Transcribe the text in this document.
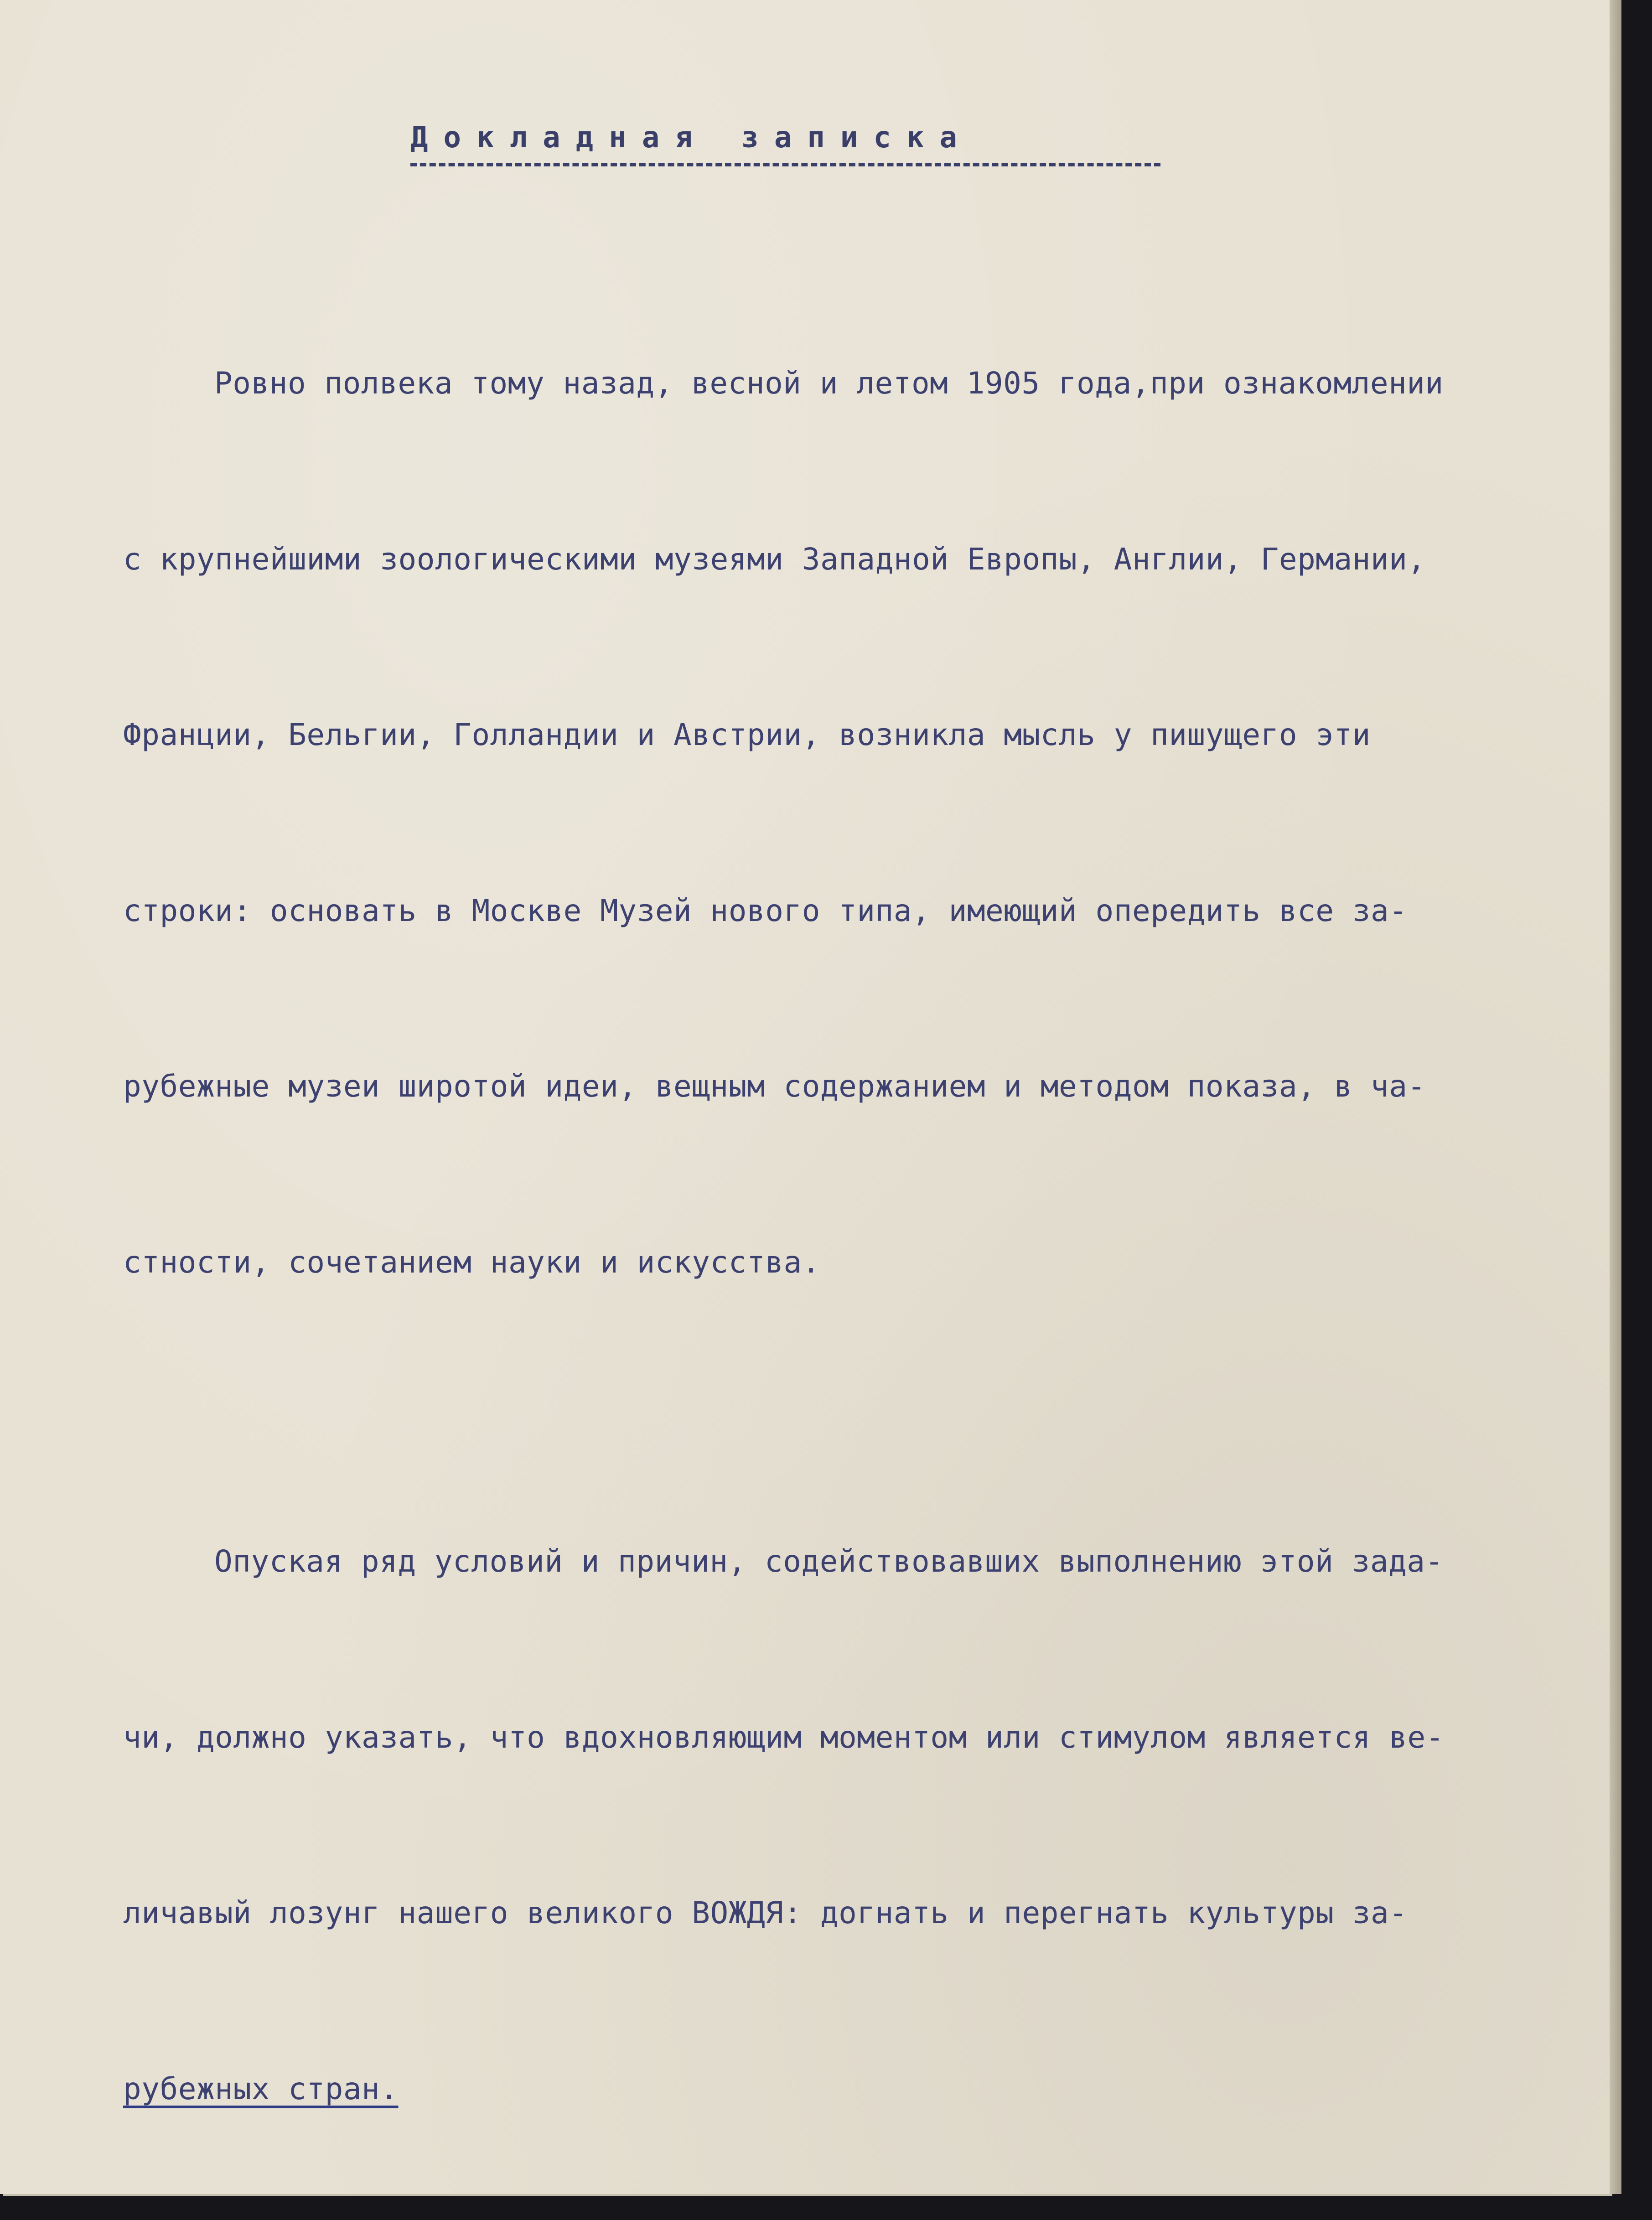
Докладная записка

Ровно полвека тому назад, весной и летом 1905 года,при ознакомлении

с крупнейшими зоологическими музеями Западной Европы, Англии, Германии,

Франции, Бельгии, Голландии и Австрии, возникла мысль у пишущего эти

строки: основать в Москве Музей нового типа, имеющий опередить все за-

рубежные музеи широтой идеи, вещным содержанием и методом показа, в ча-

стности, сочетанием науки и искусства.

Опуская ряд условий и причин, содействовавших выполнению этой зада-

чи, должно указать, что вдохновляющим моментом или стимулом является ве-

личавый лозунг нашего великого ВОЖДЯ: догнать и перегнать культуры за-

рубежных стран.
